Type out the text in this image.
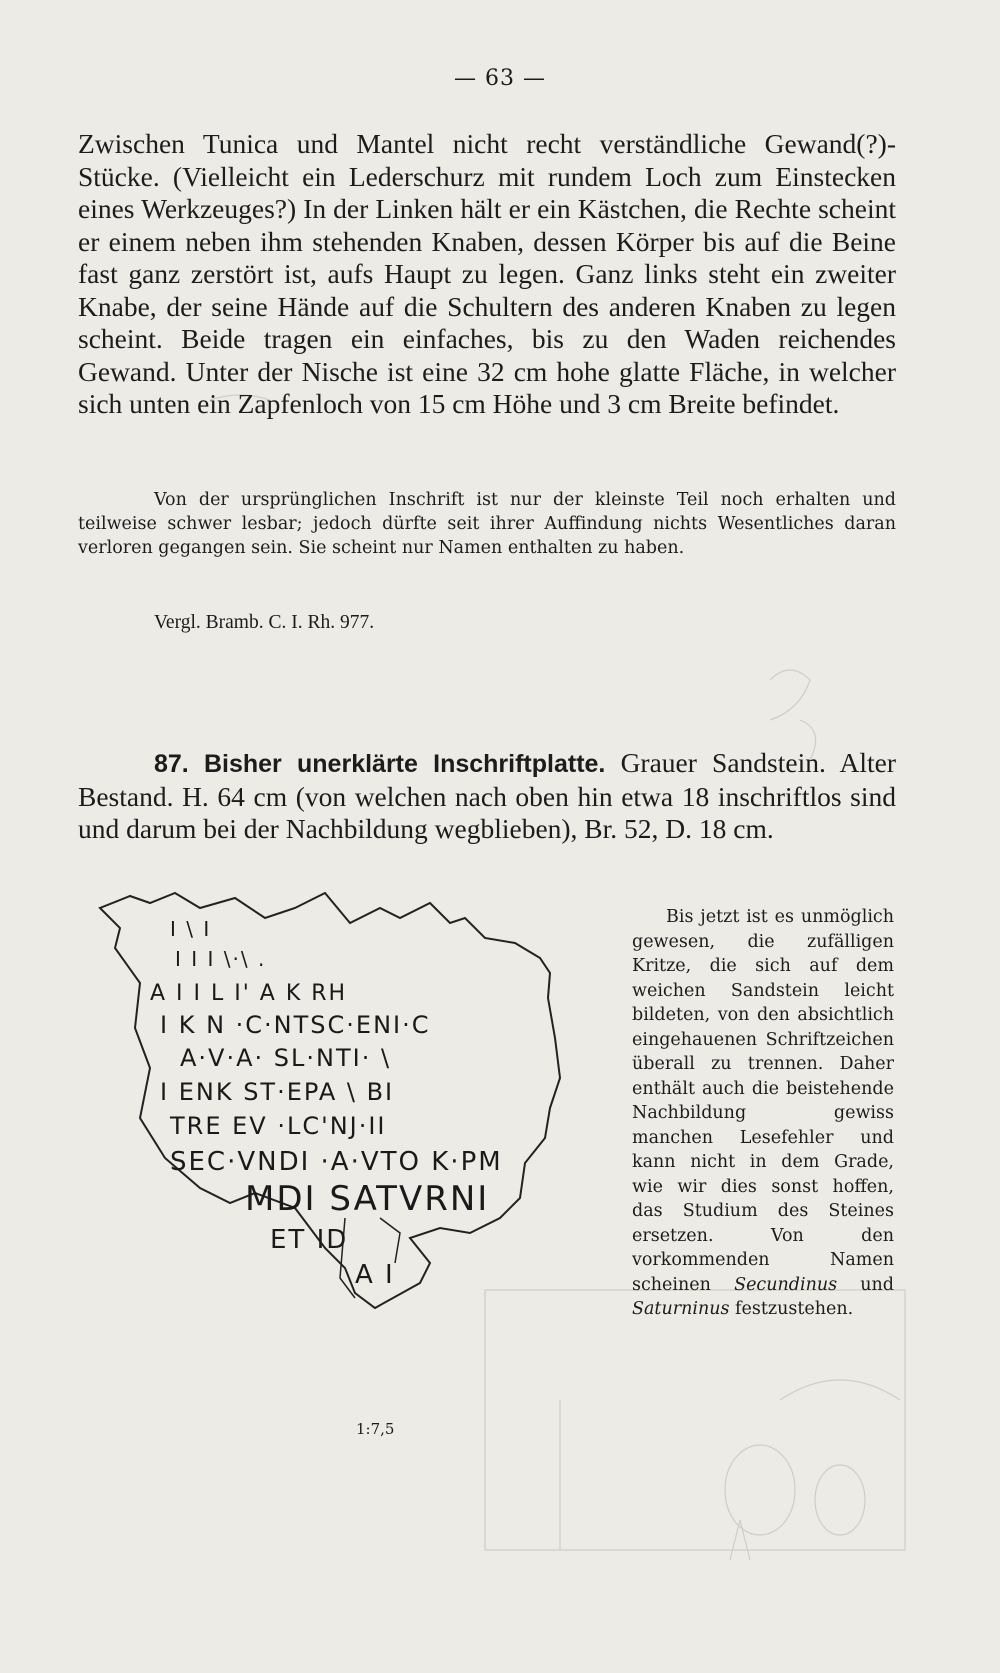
— 63 —
Zwischen Tunica und Mantel nicht recht verständliche Gewand(?)-Stücke. (Vielleicht ein Lederschurz mit rundem Loch zum Einstecken eines Werkzeuges?) In der Linken hält er ein Kästchen, die Rechte scheint er einem neben ihm stehenden Knaben, dessen Körper bis auf die Beine fast ganz zerstört ist, aufs Haupt zu legen. Ganz links steht ein zweiter Knabe, der seine Hände auf die Schultern des anderen Knaben zu legen scheint. Beide tragen ein einfaches, bis zu den Waden reichendes Gewand. Unter der Nische ist eine 32 cm hohe glatte Fläche, in welcher sich unten ein Zapfenloch von 15 cm Höhe und 3 cm Breite befindet.
Von der ursprünglichen Inschrift ist nur der kleinste Teil noch erhalten und teilweise schwer lesbar; jedoch dürfte seit ihrer Auffindung nichts Wesentliches daran verloren gegangen sein. Sie scheint nur Namen enthalten zu haben.
Vergl. Bramb. C. I. Rh. 977.
87. Bisher unerklärte Inschriftplatte. Grauer Sandstein. Alter Bestand. H. 64 cm (von welchen nach oben hin etwa 18 inschriftlos sind und darum bei der Nachbildung wegblieben), Br. 52, D. 18 cm.
I \ I
I I I \·\ .
A I I L I' A K RH
I K N ·C·NTSC·ENI·C
A·V·A· SL·NTI· \
I ENK ST·EPA \ BI
TRE EV ·LC'NJ·II
SEC·VNDI ·A·VTO K·PM
MDI SATVRNI
ET ID
A I
1:7,5
Bis jetzt ist es unmöglich gewesen, die zufälligen Kritze, die sich auf dem weichen Sandstein leicht bildeten, von den absichtlich eingehauenen Schriftzeichen überall zu trennen. Daher enthält auch die beistehende Nachbildung gewiss manchen Lesefehler und kann nicht in dem Grade, wie wir dies sonst hoffen, das Studium des Steines ersetzen. Von den vorkommenden Namen scheinen Secundinus und Saturninus festzustehen.
